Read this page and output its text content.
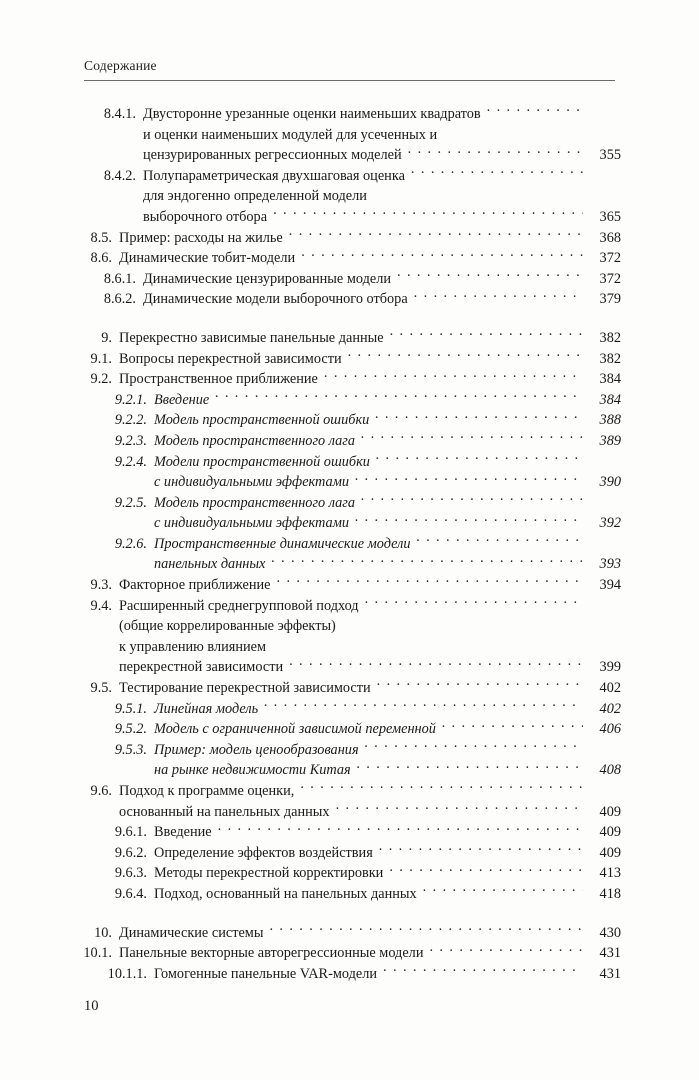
Содержание
8.4.1. Двусторонне урезанные оценки наименьших квадратов
. . .
и оценки наименьших модулей для усеченных и
цензурированных регрессионных моделей . . .	355
8.4.2. Полупараметрическая двухшаговая оценка
. . .
для эндогенно определенной модели
выборочного отбора . . .	365
8.5. Пример: расходы на жилье . . .	368
8.6. Динамические тобит-модели . . .	372
8.6.1. Динамические цензурированные модели . . .	372
8.6.2. Динамические модели выборочного отбора . . .	379
9. Перекрестно зависимые панельные данные . . .	382
9.1. Вопросы перекрестной зависимости . . .	382
9.2. Пространственное приближение . . .	384
9.2.1. Введение . . .	384
9.2.2. Модель пространственной ошибки . . .	388
9.2.3. Модель пространственного лага . . .	389
9.2.4. Модели пространственной ошибки
. . .
с индивидуальными эффектами . . .	390
9.2.5. Модель пространственного лага
. . .
с индивидуальными эффектами . . .	392
9.2.6. Пространственные динамические модели
. . .
панельных данных . . .	393
9.3. Факторное приближение . . .	394
9.4. Расширенный среднегрупповой подход
. . .
(общие коррелированные эффекты)
к управлению влиянием
перекрестной зависимости . . .	399
9.5. Тестирование перекрестной зависимости . . .	402
9.5.1. Линейная модель . . .	402
9.5.2. Модель с ограниченной зависимой переменной . . .	406
9.5.3. Пример: модель ценообразования
. . .
на рынке недвижимости Китая . . .	408
9.6. Подход к программе оценки,
. . .
основанный на панельных данных . . .	409
9.6.1. Введение . . .	409
9.6.2. Определение эффектов воздействия . . .	409
9.6.3. Методы перекрестной корректировки . . .	413
9.6.4. Подход, основанный на панельных данных . . .	418
10. Динамические системы . . .	430
10.1. Панельные векторные авторегрессионные модели . . .	431
10.1.1. Гомогенные панельные VAR-модели . . .	431
10
